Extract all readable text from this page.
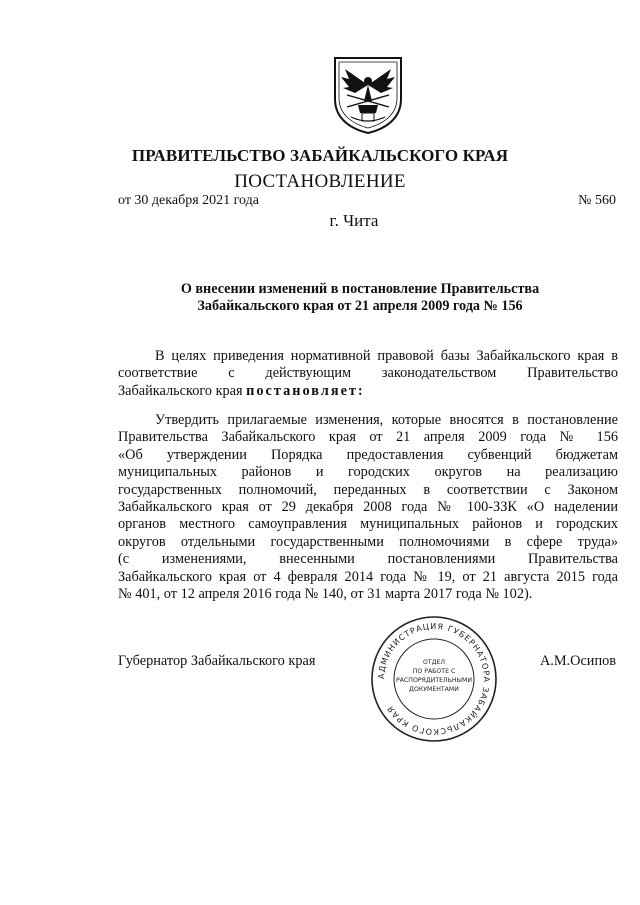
ПРАВИТЕЛЬСТВО ЗАБАЙКАЛЬСКОГО КРАЯ
ПОСТАНОВЛЕНИЕ
от 30 декабря 2021 года	№ 560
г. Чита
О внесении изменений в постановление Правительства
Забайкальского края от 21 апреля 2009 года № 156
В целях приведения нормативной правовой базы Забайкальского края в
соответствие с действующим законодательством Правительство
Забайкальского края постановляет:
Утвердить прилагаемые изменения, которые вносятся в постановление
Правительства Забайкальского края от 21 апреля 2009 года № 156
«Об утверждении Порядка предоставления субвенций бюджетам
муниципальных районов и городских округов на реализацию
государственных полномочий, переданных в соответствии с Законом
Забайкальского края от 29 декабря 2008 года № 100-ЗЗК «О наделении
органов местного самоуправления муниципальных районов и городских
округов отдельными государственными полномочиями в сфере труда»
(с изменениями, внесенными постановлениями Правительства
Забайкальского края от 4 февраля 2014 года № 19, от 21 августа 2015 года
№ 401, от 12 апреля 2016 года № 140, от 31 марта 2017 года № 102).
Губернатор Забайкальского края	А.М.Осипов
АДМИНИСТРАЦИЯ ГУБЕРНАТОРА ЗАБАЙКАЛЬСКОГО КРАЯ
ОТДЕЛ
ПО РАБОТЕ С
РАСПОРЯДИТЕЛЬНЫМИ
ДОКУМЕНТАМИ
